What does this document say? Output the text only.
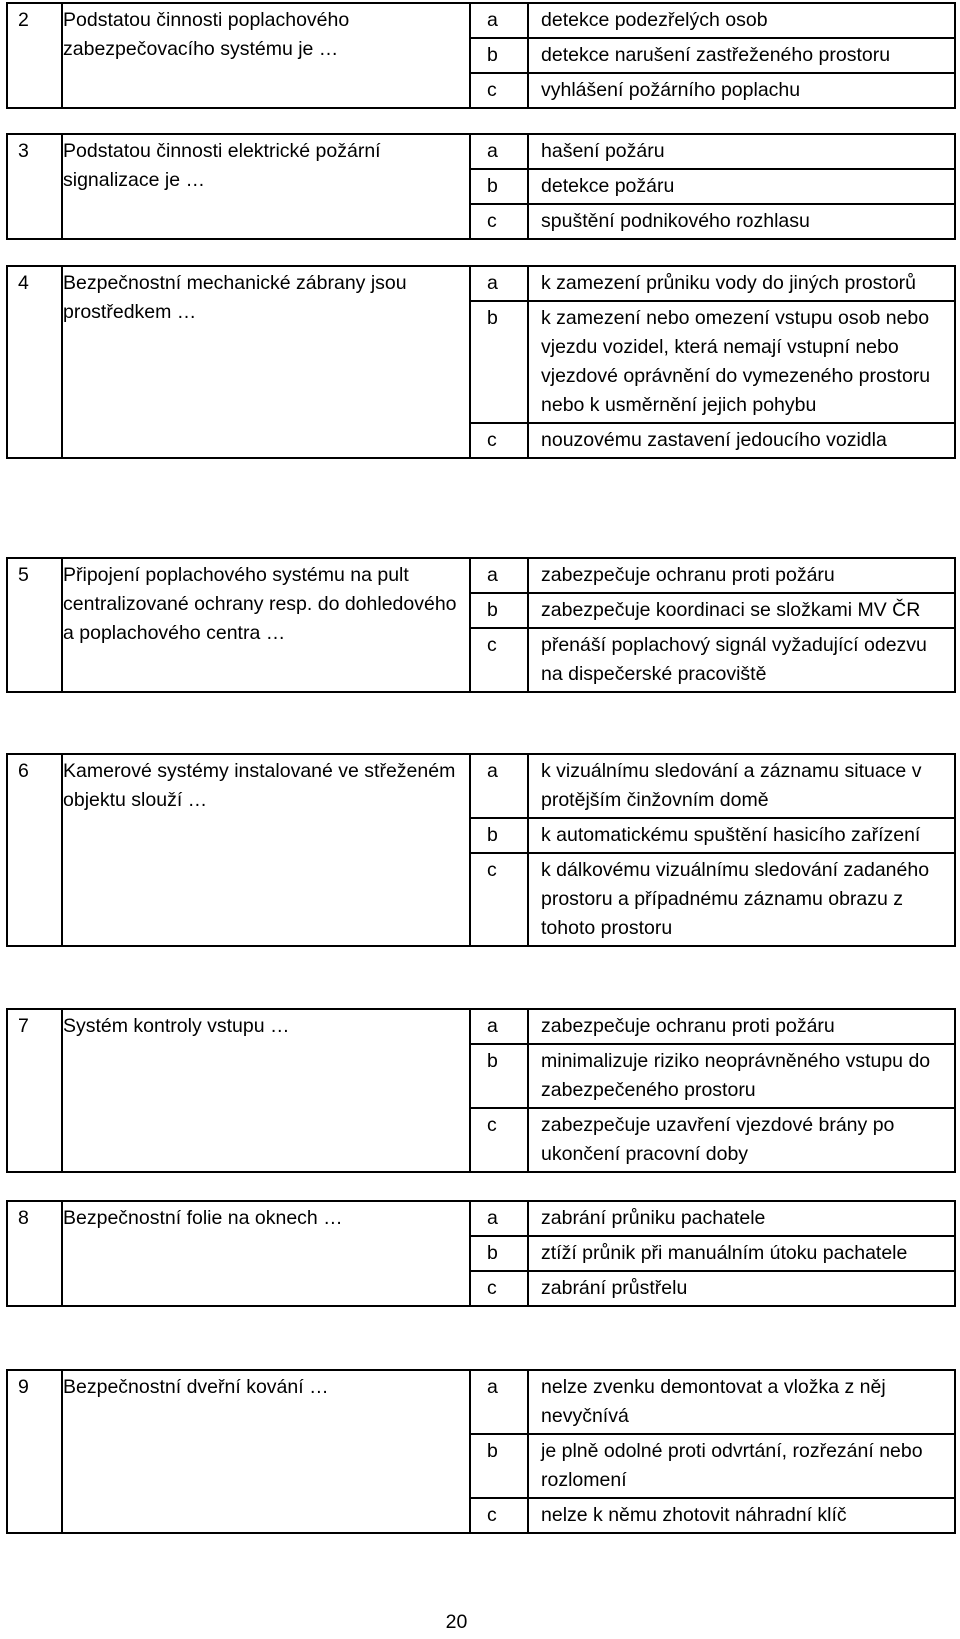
2	Podstatou činnosti poplachového zabezpečovacího systému je …	a	detekce podezřelých osob
		b	detekce narušení zastřeženého prostoru
		c	vyhlášení požárního poplachu
3	Podstatou činnosti elektrické požární signalizace je …	a	hašení požáru
		b	detekce požáru
		c	spuštění podnikového rozhlasu
4	Bezpečnostní mechanické zábrany jsou prostředkem …	a	k zamezení průniku vody do jiných prostorů
		b	k zamezení nebo omezení vstupu osob nebo vjezdu vozidel, která nemají vstupní nebo vjezdové oprávnění do vymezeného prostoru nebo k usměrnění jejich pohybu
		c	nouzovému zastavení jedoucího vozidla
5	Připojení poplachového systému na pult centralizované ochrany resp. do dohledového a poplachového centra …	a	zabezpečuje ochranu proti požáru
		b	zabezpečuje koordinaci se složkami MV ČR
		c	přenáší poplachový signál vyžadující odezvu na dispečerské pracoviště
6	Kamerové systémy instalované ve střeženém objektu slouží …	a	k vizuálnímu sledování a záznamu situace v protějším činžovním domě
		b	k automatickému spuštění hasicího zařízení
		c	k dálkovému vizuálnímu sledování zadaného prostoru a případnému záznamu obrazu z tohoto prostoru
7	Systém kontroly vstupu …	a	zabezpečuje ochranu proti požáru
		b	minimalizuje riziko neoprávněného vstupu do zabezpečeného prostoru
		c	zabezpečuje uzavření vjezdové brány po ukončení pracovní doby
8	Bezpečnostní folie na oknech …	a	zabrání průniku pachatele
		b	ztíží průnik při manuálním útoku pachatele
		c	zabrání průstřelu
9	Bezpečnostní dveřní kování …	a	nelze zvenku demontovat a vložka z něj nevyčnívá
		b	je plně odolné proti odvrtání, rozřezání nebo rozlomení
		c	nelze k němu zhotovit náhradní klíč
20
